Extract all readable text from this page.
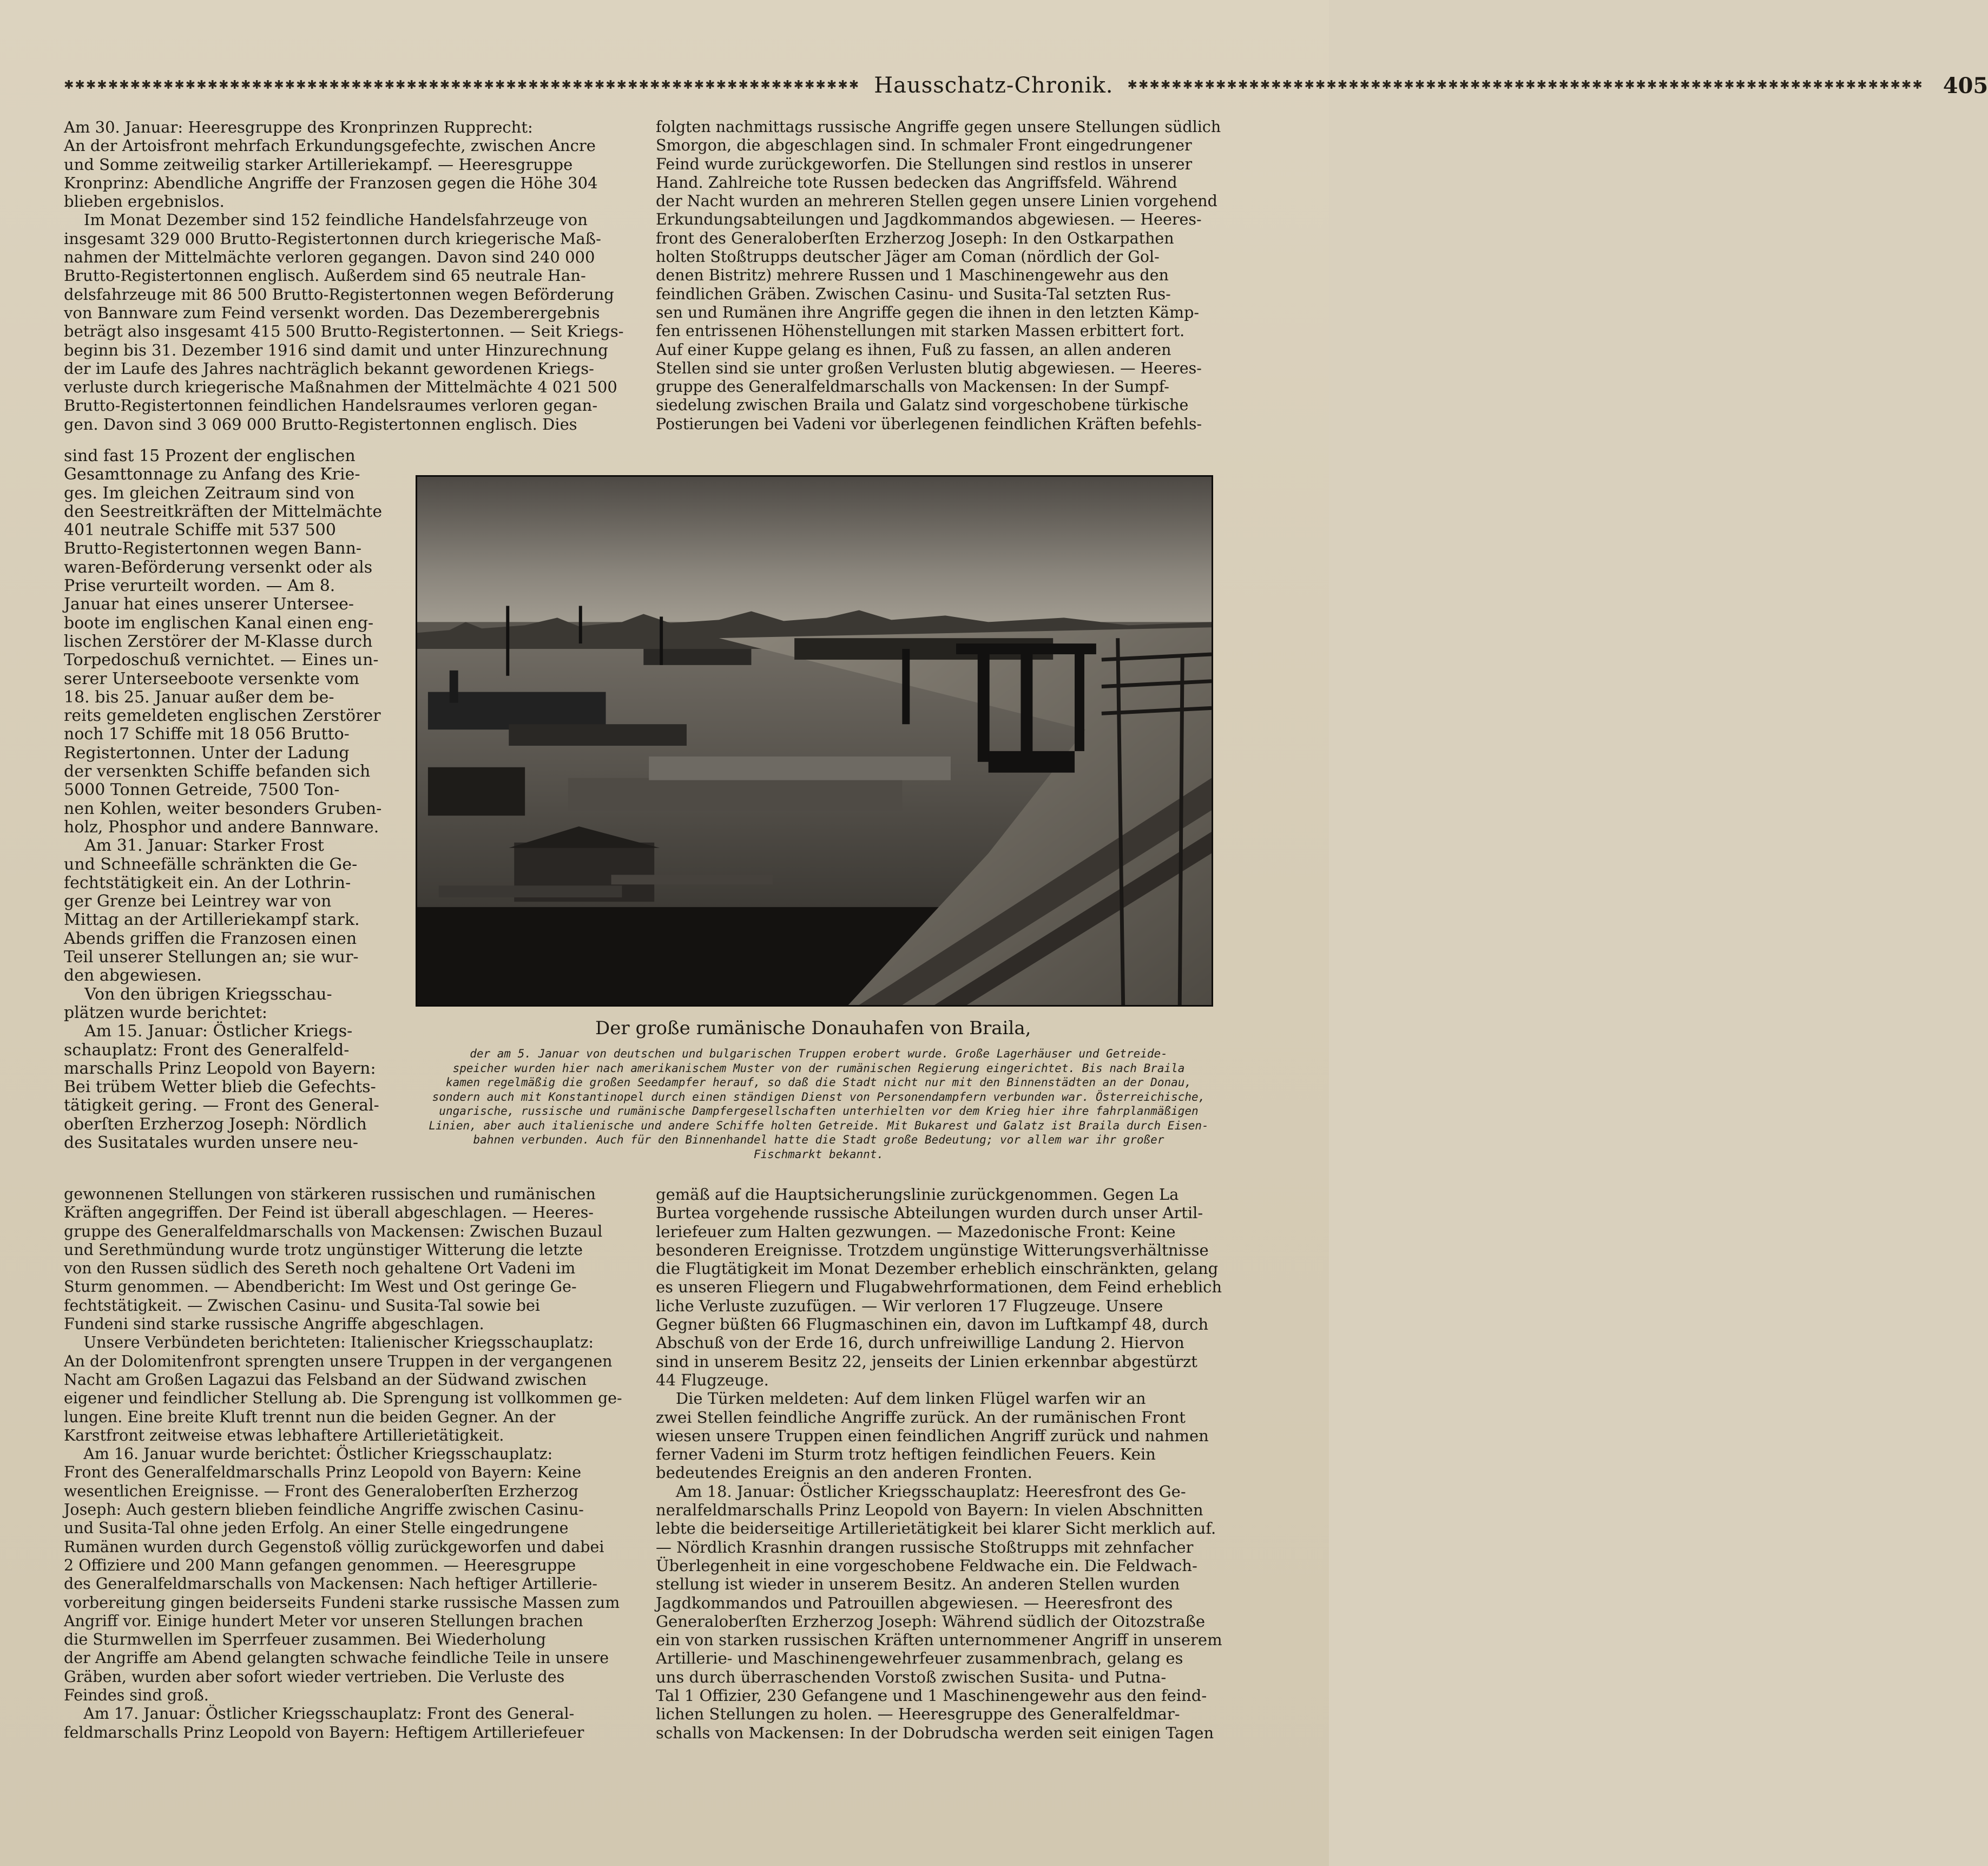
✱✱✱✱✱✱✱✱✱✱✱✱✱✱✱✱✱✱✱✱✱✱✱✱✱✱✱✱✱✱✱✱✱✱✱✱✱✱✱✱✱✱✱✱✱✱✱✱✱✱✱✱✱✱✱✱✱✱✱✱✱✱✱✱✱✱✱✱✱✱✱✱ Hausschatz-Chronik. ✱✱✱✱✱✱✱✱✱✱✱✱✱✱✱✱✱✱✱✱✱✱✱✱✱✱✱✱✱✱✱✱✱✱✱✱✱✱✱✱✱✱✱✱✱✱✱✱✱✱✱✱✱✱✱✱✱✱✱✱✱✱✱✱✱✱✱✱✱✱✱✱ 405
Am 30. Januar: Heeresgruppe des Kronprinzen Rupprecht:
An der Artoisfront mehrfach Erkundungsgefechte, zwischen Ancre
und Somme zeitweilig starker Artilleriekampf. — Heeresgruppe
Kronprinz: Abendliche Angriffe der Franzosen gegen die Höhe 304
blieben ergebnislos.
Im Monat Dezember sind 152 feindliche Handelsfahrzeuge von
insgesamt 329 000 Brutto-Registertonnen durch kriegerische Maß-
nahmen der Mittelmächte verloren gegangen. Davon sind 240 000
Brutto-Registertonnen englisch. Außerdem sind 65 neutrale Han-
delsfahrzeuge mit 86 500 Brutto-Registertonnen wegen Beförderung
von Bannware zum Feind versenkt worden. Das Dezemberergebnis
beträgt also insgesamt 415 500 Brutto-Registertonnen. — Seit Kriegs-
beginn bis 31. Dezember 1916 sind damit und unter Hinzurechnung
der im Laufe des Jahres nachträglich bekannt gewordenen Kriegs-
verluste durch kriegerische Maßnahmen der Mittelmächte 4 021 500
Brutto-Registertonnen feindlichen Handelsraumes verloren gegan-
gen. Davon sind 3 069 000 Brutto-Registertonnen englisch. Dies
folgten nachmittags russische Angriffe gegen unsere Stellungen südlich
Smorgon, die abgeschlagen sind. In schmaler Front eingedrungener
Feind wurde zurückgeworfen. Die Stellungen sind restlos in unserer
Hand. Zahlreiche tote Russen bedecken das Angriffsfeld. Während
der Nacht wurden an mehreren Stellen gegen unsere Linien vorgehend
Erkundungsabteilungen und Jagdkommandos abgewiesen. — Heeres-
front des Generaloberſten Erzherzog Joseph: In den Ostkarpathen
holten Stoßtrupps deutscher Jäger am Coman (nördlich der Gol-
denen Bistritz) mehrere Russen und 1 Maschinengewehr aus den
feindlichen Gräben. Zwischen Casinu- und Susita-Tal setzten Rus-
sen und Rumänen ihre Angriffe gegen die ihnen in den letzten Kämp-
fen entrissenen Höhenstellungen mit starken Massen erbittert fort.
Auf einer Kuppe gelang es ihnen, Fuß zu fassen, an allen anderen
Stellen sind sie unter großen Verlusten blutig abgewiesen. — Heeres-
gruppe des Generalfeldmarschalls von Mackensen: In der Sumpf-
siedelung zwischen Braila und Galatz sind vorgeschobene türkische
Postierungen bei Vadeni vor überlegenen feindlichen Kräften befehls-
sind fast 15 Prozent der englischen
Gesamttonnage zu Anfang des Krie-
ges. Im gleichen Zeitraum sind von
den Seestreitkräften der Mittelmächte
401 neutrale Schiffe mit 537 500
Brutto-Registertonnen wegen Bann-
waren-Beförderung versenkt oder als
Prise verurteilt worden. — Am 8.
Januar hat eines unserer Untersee-
boote im englischen Kanal einen eng-
lischen Zerstörer der M-Klasse durch
Torpedoschuß vernichtet. — Eines un-
serer Unterseeboote versenkte vom
18. bis 25. Januar außer dem be-
reits gemeldeten englischen Zerstörer
noch 17 Schiffe mit 18 056 Brutto-
Registertonnen. Unter der Ladung
der versenkten Schiffe befanden sich
5000 Tonnen Getreide, 7500 Ton-
nen Kohlen, weiter besonders Gruben-
holz, Phosphor und andere Bannware.
Am 31. Januar: Starker Frost
und Schneefälle schränkten die Ge-
fechtstätigkeit ein. An der Lothrin-
ger Grenze bei Leintrey war von
Mittag an der Artilleriekampf stark.
Abends griffen die Franzosen einen
Teil unserer Stellungen an; sie wur-
den abgewiesen.
Von den übrigen Kriegsschau-
plätzen wurde berichtet:
Am 15. Januar: Östlicher Kriegs-
schauplatz: Front des Generalfeld-
marschalls Prinz Leopold von Bayern:
Bei trübem Wetter blieb die Gefechts-
tätigkeit gering. — Front des General-
oberſten Erzherzog Joseph: Nördlich
des Susitatales wurden unsere neu-
Der große rumänische Donauhafen von Braila,
der am 5. Januar von deutschen und bulgarischen Truppen erobert wurde. Große Lagerhäuser und Getreide-
speicher wurden hier nach amerikanischem Muster von der rumänischen Regierung eingerichtet. Bis nach Braila
kamen regelmäßig die großen Seedampfer herauf, so daß die Stadt nicht nur mit den Binnenstädten an der Donau,
sondern auch mit Konstantinopel durch einen ständigen Dienst von Personendampfern verbunden war. Österreichische,
ungarische, russische und rumänische Dampfergesellschaften unterhielten vor dem Krieg hier ihre fahrplanmäßigen
Linien, aber auch italienische und andere Schiffe holten Getreide. Mit Bukarest und Galatz ist Braila durch Eisen-
bahnen verbunden. Auch für den Binnenhandel hatte die Stadt große Bedeutung; vor allem war ihr großer
Fischmarkt bekannt.
gewonnenen Stellungen von stärkeren russischen und rumänischen
Kräften angegriffen. Der Feind ist überall abgeschlagen. — Heeres-
gruppe des Generalfeldmarschalls von Mackensen: Zwischen Buzaul
und Serethmündung wurde trotz ungünstiger Witterung die letzte
von den Russen südlich des Sereth noch gehaltene Ort Vadeni im
Sturm genommen. — Abendbericht: Im West und Ost geringe Ge-
fechtstätigkeit. — Zwischen Casinu- und Susita-Tal sowie bei
Fundeni sind starke russische Angriffe abgeschlagen.
Unsere Verbündeten berichteten: Italienischer Kriegsschauplatz:
An der Dolomitenfront sprengten unsere Truppen in der vergangenen
Nacht am Großen Lagazui das Felsband an der Südwand zwischen
eigener und feindlicher Stellung ab. Die Sprengung ist vollkommen ge-
lungen. Eine breite Kluft trennt nun die beiden Gegner. An der
Karstfront zeitweise etwas lebhaftere Artillerietätigkeit.
Am 16. Januar wurde berichtet: Östlicher Kriegsschauplatz:
Front des Generalfeldmarschalls Prinz Leopold von Bayern: Keine
wesentlichen Ereignisse. — Front des Generaloberſten Erzherzog
Joseph: Auch gestern blieben feindliche Angriffe zwischen Casinu-
und Susita-Tal ohne jeden Erfolg. An einer Stelle eingedrungene
Rumänen wurden durch Gegenstoß völlig zurückgeworfen und dabei
2 Offiziere und 200 Mann gefangen genommen. — Heeresgruppe
des Generalfeldmarschalls von Mackensen: Nach heftiger Artillerie-
vorbereitung gingen beiderseits Fundeni starke russische Massen zum
Angriff vor. Einige hundert Meter vor unseren Stellungen brachen
die Sturmwellen im Sperrfeuer zusammen. Bei Wiederholung
der Angriffe am Abend gelangten schwache feindliche Teile in unsere
Gräben, wurden aber sofort wieder vertrieben. Die Verluste des
Feindes sind groß.
Am 17. Januar: Östlicher Kriegsschauplatz: Front des General-
feldmarschalls Prinz Leopold von Bayern: Heftigem Artilleriefeuer
gemäß auf die Hauptsicherungslinie zurückgenommen. Gegen La
Burtea vorgehende russische Abteilungen wurden durch unser Artil-
leriefeuer zum Halten gezwungen. — Mazedonische Front: Keine
besonderen Ereignisse. Trotzdem ungünstige Witterungsverhältnisse
die Flugtätigkeit im Monat Dezember erheblich einschränkten, gelang
es unseren Fliegern und Flugabwehrformationen, dem Feind erheblich
liche Verluste zuzufügen. — Wir verloren 17 Flugzeuge. Unsere
Gegner büßten 66 Flugmaschinen ein, davon im Luftkampf 48, durch
Abschuß von der Erde 16, durch unfreiwillige Landung 2. Hiervon
sind in unserem Besitz 22, jenseits der Linien erkennbar abgestürzt
44 Flugzeuge.
Die Türken meldeten: Auf dem linken Flügel warfen wir an
zwei Stellen feindliche Angriffe zurück. An der rumänischen Front
wiesen unsere Truppen einen feindlichen Angriff zurück und nahmen
ferner Vadeni im Sturm trotz heftigen feindlichen Feuers. Kein
bedeutendes Ereignis an den anderen Fronten.
Am 18. Januar: Östlicher Kriegsschauplatz: Heeresfront des Ge-
neralfeldmarschalls Prinz Leopold von Bayern: In vielen Abschnitten
lebte die beiderseitige Artillerietätigkeit bei klarer Sicht merklich auf.
— Nördlich Krasnhin drangen russische Stoßtrupps mit zehnfacher
Überlegenheit in eine vorgeschobene Feldwache ein. Die Feldwach-
stellung ist wieder in unserem Besitz. An anderen Stellen wurden
Jagdkommandos und Patrouillen abgewiesen. — Heeresfront des
Generaloberſten Erzherzog Joseph: Während südlich der Oitozstraße
ein von starken russischen Kräften unternommener Angriff in unserem
Artillerie- und Maschinengewehrfeuer zusammenbrach, gelang es
uns durch überraschenden Vorstoß zwischen Susita- und Putna-
Tal 1 Offizier, 230 Gefangene und 1 Maschinengewehr aus den feind-
lichen Stellungen zu holen. — Heeresgruppe des Generalfeldmar-
schalls von Mackensen: In der Dobrudscha werden seit einigen Tagen
